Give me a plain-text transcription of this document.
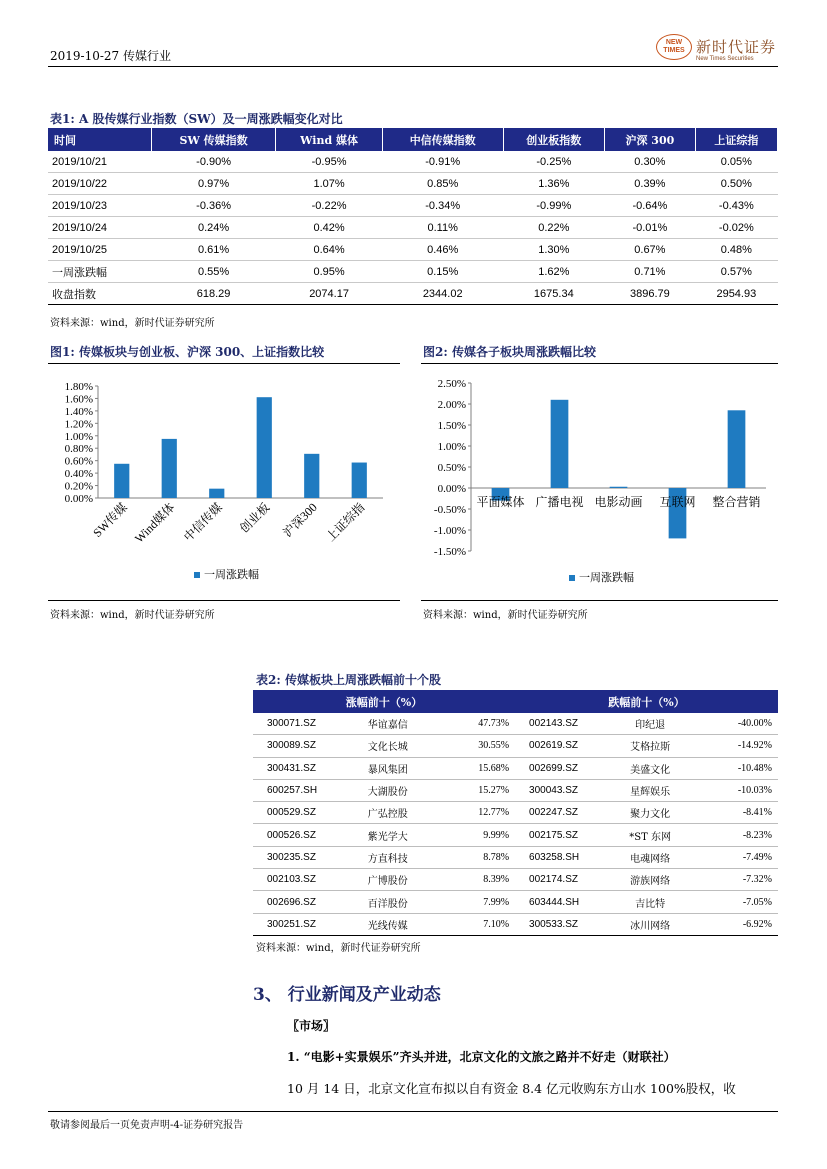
2019-10-27 传媒行业
NEW TIMES 新时代证券
New Times Securities
表1: A 股传媒行业指数（SW）及一周涨跌幅变化对比
时间	SW 传媒指数	Wind 媒体	中信传媒指数	创业板指数	沪深 300	上证综指
2019/10/21	-0.90%	-0.95%	-0.91%	-0.25%	0.30%	0.05%
2019/10/22	0.97%	1.07%	0.85%	1.36%	0.39%	0.50%
2019/10/23	-0.36%	-0.22%	-0.34%	-0.99%	-0.64%	-0.43%
2019/10/24	0.24%	0.42%	0.11%	0.22%	-0.01%	-0.02%
2019/10/25	0.61%	0.64%	0.46%	1.30%	0.67%	0.48%
一周涨跌幅	0.55%	0.95%	0.15%	1.62%	0.71%	0.57%
收盘指数	618.29	2074.17	2344.02	1675.34	3896.79	2954.93
资料来源：wind，新时代证券研究所
图1: 传媒板块与创业板、沪深 300、上证指数比较	图2: 传媒各子板块周涨跌幅比较
0.00%
0.20%
0.40%
0.60%
0.80%
1.00%
1.20%
1.40%
1.60%
1.80%
SW传媒 Wind媒体 中信传媒 创业板 沪深300 上证综指
一周涨跌幅
资料来源：wind，新时代证券研究所
-1.50%
-1.00%
-0.50%
0.00%
0.50%
1.00%
1.50%
2.00%
2.50%
平面媒体 广播电视 电影动画 互联网 整合营销
一周涨跌幅
资料来源：wind，新时代证券研究所
表2: 传媒板块上周涨跌幅前十个股
涨幅前十（%）			跌幅前十（%）		
300071.SZ	华谊嘉信	47.73%	002143.SZ	印纪退	-40.00%
300089.SZ	文化长城	30.55%	002619.SZ	艾格拉斯	-14.92%
300431.SZ	暴风集团	15.68%	002699.SZ	美盛文化	-10.48%
600257.SH	大湖股份	15.27%	300043.SZ	星辉娱乐	-10.03%
000529.SZ	广弘控股	12.77%	002247.SZ	聚力文化	-8.41%
000526.SZ	紫光学大	9.99%	002175.SZ	*ST 东网	-8.23%
300235.SZ	方直科技	8.78%	603258.SH	电魂网络	-7.49%
002103.SZ	广博股份	8.39%	002174.SZ	游族网络	-7.32%
002696.SZ	百洋股份	7.99%	603444.SH	吉比特	-7.05%
300251.SZ	光线传媒	7.10%	300533.SZ	冰川网络	-6.92%
资料来源：wind，新时代证券研究所
3、 行业新闻及产业动态
〖市场〗
1. “电影+实景娱乐”齐头并进，北京文化的文旅之路并不好走（财联社）
10 月 14 日，北京文化宣布拟以自有资金 8.4 亿元收购东方山水 100%股权，收
敬请参阅最后一页免责声明-4-证券研究报告
